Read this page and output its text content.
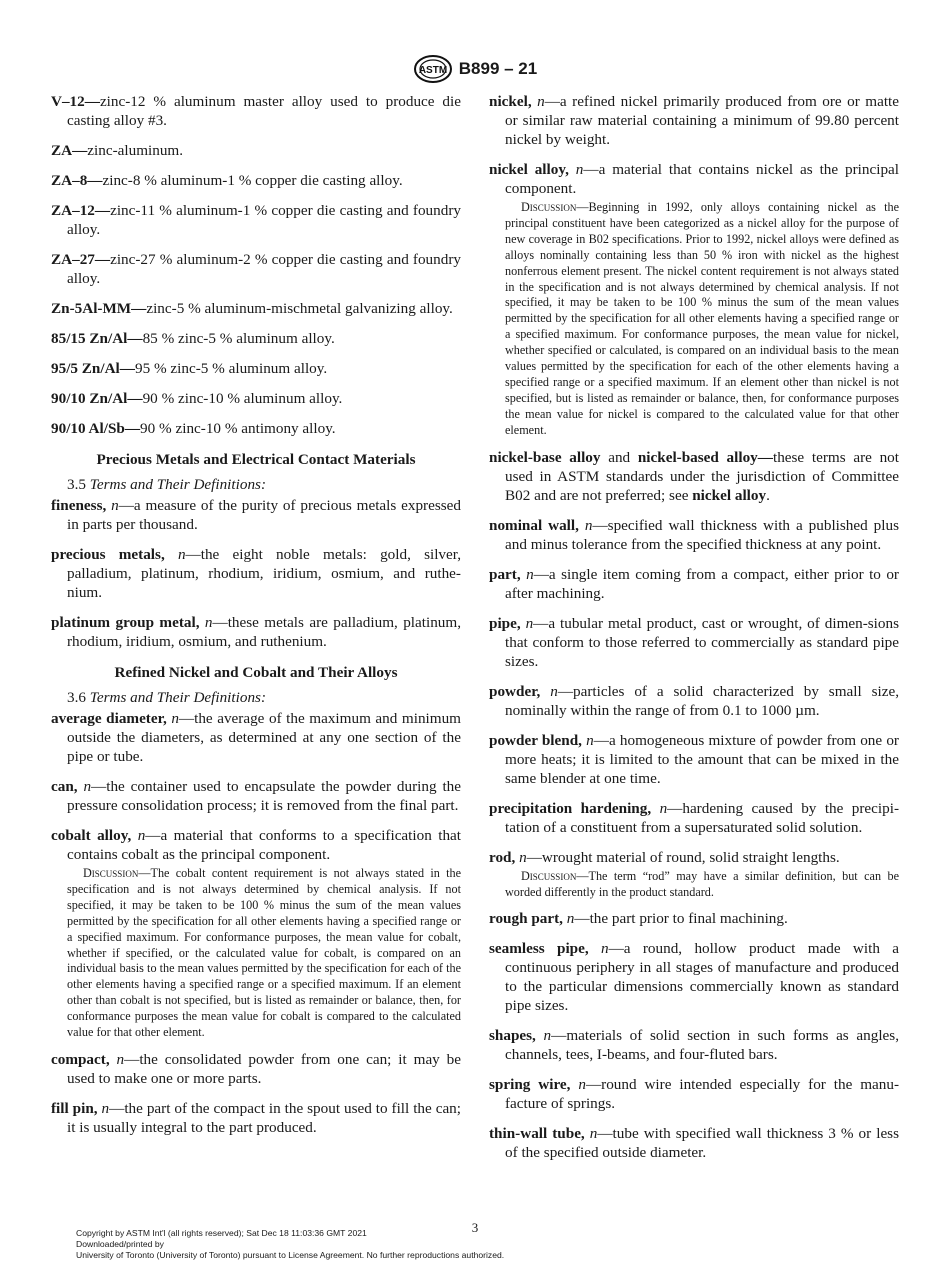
ASTM B899 – 21

V–12—zinc-12 % aluminum master alloy used to produce die casting alloy #3.

ZA—zinc-aluminum.

ZA–8—zinc-8 % aluminum-1 % copper die casting alloy.

ZA–12—zinc-11 % aluminum-1 % copper die casting and foundry alloy.

ZA–27—zinc-27 % aluminum-2 % copper die casting and foundry alloy.

Zn-5Al-MM—zinc-5 % aluminum-mischmetal galvanizing alloy.

85/15 Zn/Al—85 % zinc-5 % aluminum alloy.

95/5 Zn/Al—95 % zinc-5 % aluminum alloy.

90/10 Zn/Al—90 % zinc-10 % aluminum alloy.

90/10 Al/Sb—90 % zinc-10 % antimony alloy.

Precious Metals and Electrical Contact Materials
3.5 Terms and Their Definitions:

fineness, n—a measure of the purity of precious metals expressed in parts per thousand.

precious metals, n—the eight noble metals: gold, silver, palladium, platinum, rhodium, iridium, osmium, and ruthe-nium.

platinum group metal, n—these metals are palladium, platinum, rhodium, iridium, osmium, and ruthenium.

Refined Nickel and Cobalt and Their Alloys
3.6 Terms and Their Definitions:

average diameter, n—the average of the maximum and minimum outside the diameters, as determined at any one section of the pipe or tube.

can, n—the container used to encapsulate the powder during the pressure consolidation process; it is removed from the final part.

cobalt alloy, n—a material that conforms to a specification that contains cobalt as the principal component.

Discussion—The cobalt content requirement is not always stated in the specification and is not always determined by chemical analysis. If not specified, it may be taken to be 100 % minus the sum of the mean values permitted by the specification for all other elements having a specified range or a specified maximum. For conformance purposes, the mean value for cobalt, whether if specified, or the calculated value for cobalt, is compared on an individual basis to the mean values permitted by the specification for each of the other elements having a specified range or a specified maximum. If an element other than cobalt is not specified, but is listed as remainder or balance, then, for conformance purposes the mean value for cobalt is compared to the calculated value for that other element.

compact, n—the consolidated powder from one can; it may be used to make one or more parts.

fill pin, n—the part of the compact in the spout used to fill the can; it is usually integral to the part produced.

nickel, n—a refined nickel primarily produced from ore or matte or similar raw material containing a minimum of 99.80 percent nickel by weight.

nickel alloy, n—a material that contains nickel as the principal component.

Discussion—Beginning in 1992, only alloys containing nickel as the principal constituent have been categorized as a nickel alloy for the purpose of new coverage in B02 specifications. Prior to 1992, nickel alloys were defined as alloys nominally containing less than 50 % iron with nickel as the highest nonferrous element present. The nickel content requirement is not always stated in the specification and is not always determined by chemical analysis. If not specified, it may be taken to be 100 % minus the sum of the mean values permitted by the specification for all other elements having a specified range or a specified maximum. For conformance purposes, the mean value for nickel, whether specified or calculated, is compared on an individual basis to the mean values permitted by the specification for each of the other elements having a specified range or a specified maximum. If an element other than nickel is not specified, but is listed as remainder or balance, then, for conformance purposes the mean value for nickel is compared to the calculated value for that other element.

nickel-base alloy and nickel-based alloy—these terms are not used in ASTM standards under the jurisdiction of Committee B02 and are not preferred; see nickel alloy.

nominal wall, n—specified wall thickness with a published plus and minus tolerance from the specified thickness at any point.

part, n—a single item coming from a compact, either prior to or after machining.

pipe, n—a tubular metal product, cast or wrought, of dimen-sions that conform to those referred to commercially as standard pipe sizes.

powder, n—particles of a solid characterized by small size, nominally within the range of from 0.1 to 1000 µm.

powder blend, n—a homogeneous mixture of powder from one or more heats; it is limited to the amount that can be mixed in the same blender at one time.

precipitation hardening, n—hardening caused by the precipi-tation of a constituent from a supersaturated solid solution.

rod, n—wrought material of round, solid straight lengths.

Discussion—The term “rod” may have a similar definition, but can be worded differently in the product standard.

rough part, n—the part prior to final machining.

seamless pipe, n—a round, hollow product made with a continuous periphery in all stages of manufacture and produced to the particular dimensions commercially known as standard pipe sizes.

shapes, n—materials of solid section in such forms as angles, channels, tees, I-beams, and four-fluted bars.

spring wire, n—round wire intended especially for the manu-facture of springs.

thin-wall tube, n—tube with specified wall thickness 3 % or less of the specified outside diameter.

3
Copyright by ASTM Int'l (all rights reserved); Sat Dec 18 11:03:36 GMT 2021
Downloaded/printed by
University of Toronto (University of Toronto) pursuant to License Agreement. No further reproductions authorized.
